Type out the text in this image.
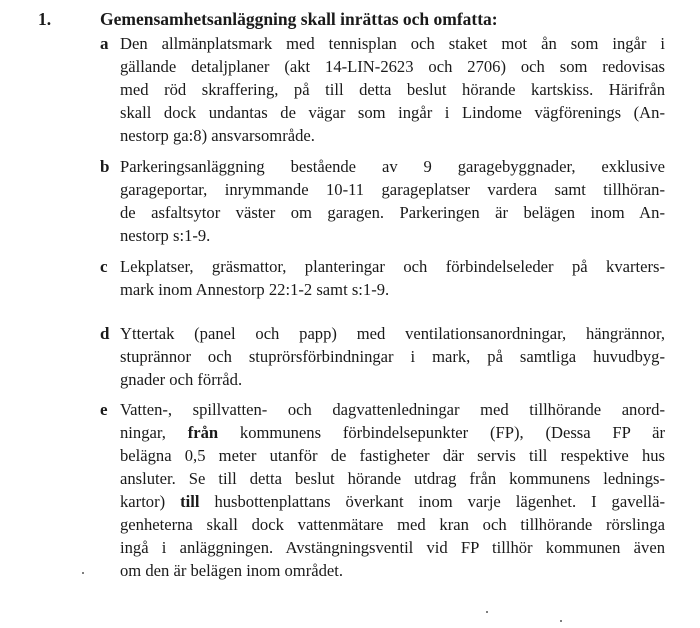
1.	Gemensamhetsanläggning skall inrättas och omfatta:
a Den allmänplatsmark med tennisplan och staket mot ån som ingår i
gällande detaljplaner (akt 14-LIN-2623 och 2706) och som redovisas
med röd skraffering, på till detta beslut hörande kartskiss. Härifrån
skall dock undantas de vägar som ingår i Lindome vägförenings (An-
nestorp ga:8) ansvarsområde.
b Parkeringsanläggning bestående av 9 garagebyggnader, exklusive
garageportar, inrymmande 10-11 garageplatser vardera samt tillhöran-
de asfaltsytor väster om garagen. Parkeringen är belägen inom An-
nestorp s:1-9.
c Lekplatser, gräsmattor, planteringar och förbindelseleder på kvarters-
mark inom Annestorp 22:1-2 samt s:1-9.
d Yttertak (panel och papp) med ventilationsanordningar, hängrännor,
stuprännor och stuprörsförbindningar i mark, på samtliga huvudbyg-
gnader och förråd.
e Vatten-, spillvatten- och dagvattenledningar med tillhörande anord-
ningar, från kommunens förbindelsepunkter (FP), (Dessa FP är
belägna 0,5 meter utanför de fastigheter där servis till respektive hus
ansluter. Se till detta beslut hörande utdrag från kommunens lednings-
kartor) till husbottenplattans överkant inom varje lägenhet. I gavellä-
genheterna skall dock vattenmätare med kran och tillhörande rörslinga
ingå i anläggningen. Avstängningsventil vid FP tillhör kommunen även
om den är belägen inom området.
